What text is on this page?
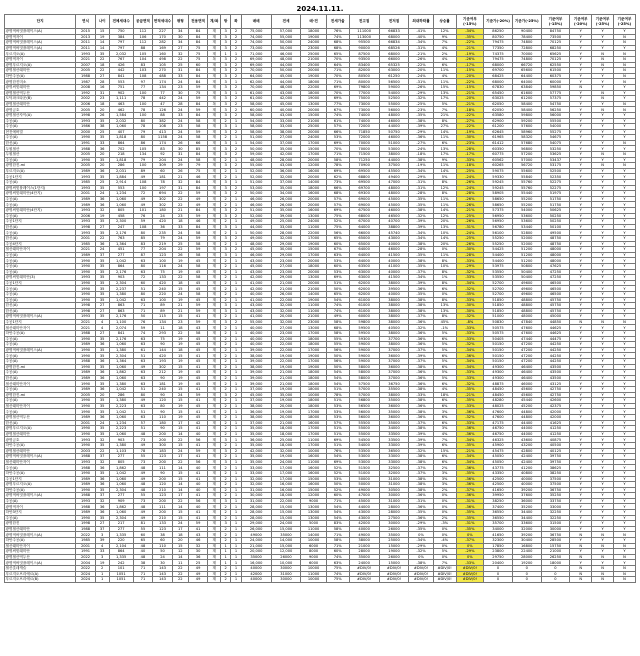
2024.11.11.
단지	연식	나이	전체세대수	공급면적	면적세대수	평형	전용면적	계/복	방	화	매매	전세	매-전	전세가율	전고점	전저점	최대하락률	상승률	기준여부(-15%)	기준가(-20%)	기준가(-25%)	기준여부(-15%)	기준여부(-20%)	기준여부(-25%)	기준여부(-25%)
광명역써밋플레이스(A)	2015	15	750	112	227	34	84	계	3	2	75,000	57,000	18000	76%	111000	66833	-41%	12%	-34%	86250	90400	84750	Y	Y	Y
광명역자이	2013	19	384	106	170	30	84	계	3	2	74,000	55,000	19000	74%	113000	68000	-40%	9%	-35%	80750	78400	73500	Y	Y	N
광명역써밋플레이스(A)	2011	14	797	112	282	34	84	계	3	2	74,000	50,000	24000	68%	95500	66834	-34%	7%	-22%	79475	74800	70125	Y	Y	N
광명역써밋플레이스(A)	2011	14	797	88	169	27	75	계	3	2	73,000	50,000	23000	68%	90000	68526	-31%	4%	-21%	77350	72800	68250	Y	Y	Y
푸르지오(A)	1993	35	2,032	105	160	32	75	계	1	1	71,000	46,000	25000	65%	87500	68000	-21%	2%	-19%	74375	70000	65625	Y	N	N
광명역자이	2021	22	767	104	498	22	75	복	3	2	69,000	48,000	21000	70%	93500	66000	-26%	4%	-26%	79475	74800	70125	Y	N	N
광명푸르지오(A)	2007	18	426	83	105	25	60	계	3	2	69,000	44,000	25000	64%	83400	65325	-22%	6%	-17%	68000	66720	62550	Y	N	N
광명철산래미안	2005	22	442	103	270	31	84	계	3	2	70,000	50,000	20000	71%	82000	63000	-20%	11%	-15%	69700	65600	61500	Y	Y	N
하안주공(A)	1988	27	841	108	488	33	84	계	3	2	64,000	45,000	19000	70%	80500	61250	-24%	4%	-20%	68425	64400	60375	Y	Y	N
광명한진미소	1987	28	553	97	174	24	84	계	3	1	62,000	44,000	18000	71%	80000	56500	-31%	11%	-22%	68000	64000	60000	Y	Y	N
광명써밋래미안	2008	16	751	77	134	23	59	계	3	2	70,000	48,000	22000	69%	79800	59000	-26%	15%	-15%	67830	63840	59850	N	Y	Y
광명철산역두산	1992	31	902	100	77	30	75	계	3	1	61,000	43,000	18000	70%	77000	54000	-29%	13%	-21%	65450	61600	57775	Y	N	Y
도덕파크타운(B)	2002	23	1,111	78	442	24	59	계	3	2	61,000	42,000	19000	69%	75000	52500	-32%	17%	-20%	63025	61200	57375	Y	N	Y
광명철산래미안	2006	18	463	100	47	28	84	복	3	2	58,000	45,000	13000	77%	73000	55000	-25%	5%	-21%	62050	58400	54750	Y	Y	N
광명금호	2005	20	462	78	126	24	59	계	3	2	60,000	40,000	20000	67%	73000	56000	-23%	7%	-18%	62050	58400	56250	Y	N	N
광명철산자이(A)	1998	26	1,584	100	88	33	84	계	3	2	58,000	43,000	15000	74%	74000	48000	-35%	21%	-22%	63580	59800	56000	Y	Y	Y
주공(A)	1993	35	2,032	80	382	24	58	계	2	1	54,000	33,000	21000	61%	74000	46000	-38%	8%	-27%	62900	59200	55500	Y	Y	Y
주공(A)	1986	38	1,060	78	108	23	58	계	3	1	58,000	33,000	25000	57%	72000	44000	-39%	27%	-22%	61200	57600	54000	Y	Y	Y
현진에버빌	2000	25	407	79	413	24	59	계	3	2	58,000	38,000	20000	66%	71850	50750	-29%	14%	-19%	62645	58960	55275	Y	Y	Y
주공(A)	1990	35	1,818	80	1158	24	58	계	2	1	51,000	27,000	24000	53%	72000	46000	-36%	11%	-30%	61965	58320	54675	Y	Y	Y
한신(A)	1991	33	864	86	174	26	66	계	3	1	54,000	37,000	17000	69%	70000	51000	-27%	6%	-23%	61412	57680	54075	Y	Y	N
두원철산	1988	36	702	105	83	30	85	계	3	2	50,000	35,000	15000	70%	70000	53000	-24%	13%	-28%	60350	56800	53250	Y	Y	Y
두원철산	2005	20	218	134	92	31	84	계	3	2	59,000	42,000	17000	71%	71500	38000	-18%	17%	-17%	60775	57200	53625	Y	N	N
주공(A)	1990	35	1,818	79	204	24	58	계	2	1	48,000	28,000	20000	58%	71250	44000	-38%	9%	-33%	60562	57000	53437	Y	Y	Y
광명한진-mi	2005	20	286	100	309	29	79	계	3	2	55,000	43,000	12000	78%	70900	37500	-19%	11%	-18%	60265	56720	53175	Y	N	N
푸르지오(A)	1989	36	2,031	89	60	26	75	계	2	1	52,000	36,000	16000	69%	69500	45500	-34%	14%	-25%	59075	55600	52500	Y	Y	Y
주공1단지	1993	35	1,884	49	181	21	46	계	2	1	52,000	32,000	20000	62%	68800	49400	-29%	5%	-24%	59330	55840	52350	Y	Y	Y
주공(A)	1985	25	2,914	108	78	32	84	계	3	1	51,000	37,000	14000	73%	69500	47000	-31%	8%	-26%	59245	55760	52275	Y	Y	Y
광명써밋플레이스(1단지)	1993	35	553	100	197	31	84	계	3	2	53,000	35,000	18000	66%	69700	48000	-31%	12%	-24%	59245	55760	52275	Y	Y	Y
광명써밋래미안(4단지)	2001	24	1,234	72	694	22	59	계	3	2	50,000	34,000	16000	68%	69300	48000	-28%	8%	-28%	58905	55440	51975	Y	Y	Y
주공(A)	1989	36	1,060	49	302	22	49	계	2	1	46,000	26,000	20000	57%	69000	45000	-35%	11%	-26%	58650	55200	51750	Y	Y	Y
주공(A)	1989	36	1,060	49	302	22	49	계	2	1	46,000	26,000	20000	57%	69000	45000	-35%	11%	-26%	58650	55200	51750	Y	Y	Y
광명써밋래미안(4단지)	1993	32	805	101	180	21	84	계	3	2	51,000	35,000	16000	69%	67500	46000	-38%	14%	-21%	57375	54000	50625	Y	Y	Y
주공(A)	2006	19	458	76	24	23	59	계	3	2	52,000	39,000	13000	75%	68000	46500	-32%	12%	-25%	56950	53600	50250	Y	Y	Y
주공1단지	1993	35	2,300	59	420	18	46	계	2	1	49,000	25,000	24000	52%	67000	40700	-39%	20%	-26%	56950	53600	50250	Y	Y	Y
한신(A)	1998	27	247	108	36	33	84	계	3	1	44,000	33,000	11000	75%	64000	38800	-39%	13%	-31%	56780	53440	50100	Y	Y	Y
주공(A)	1993	35	2,176	80	235	24	58	계	2	1	50,000	28,000	22000	56%	66000	45740	-34%	10%	-24%	56100	52800	49500	Y	Y	Y
한신(A)	2001	22	763	85	79	24	59	계	3	2	49,000	32,000	17000	65%	65000	43000	-34%	14%	-25%	55250	52000	48750	Y	Y	Y
주공4단지	1985	36	1,364	83	219	25	58	계	2	1	48,000	29,000	19000	60%	65000	40000	-38%	20%	-26%	55250	52000	48750	Y	Y	Y
철산래미안자이	2021	24	451	77	204	22	59	계	3	2	45,000	30,000	15000	67%	64000	46000	-28%	0%	-30%	54425	51200	48000	Y	Y	Y
주공(A)	1989	37	277	87	123	26	58	계	3	1	46,000	29,000	17000	63%	64000	41500	-35%	11%	-28%	54400	51200	48000	Y	Y	Y
주공(A)	1990	35	1,042	63	100	19	45	계	2	1	43,000	23,000	20000	53%	64000	40000	-38%	8%	-33%	54400	51200	48000	Y	Y	Y
주공(A)	1990	35	864	80	116	24	58	계	2	1	45,000	27,000	18000	60%	63500	41000	-35%	10%	-29%	53975	50800	47625	Y	Y	Y
주공(A)	1990	35	2,176	63	75	19	45	계	2	1	43,000	23,000	20000	53%	63000	40000	-37%	8%	-32%	53550	50400	47250	Y	Y	Y
광명써밋래미안(3)	1993	35	903	72	133	22	58	계	2	1	42,000	29,000	13000	69%	63000	41500	-34%	1%	-33%	53550	50400	47250	Y	Y	Y
주공1단지	1990	35	2,304	60	420	18	45	계	2	1	41,000	21,000	20000	51%	62000	38000	-39%	8%	-34%	52700	49600	46500	Y	Y	Y
주공(A)	1990	35	2,237	51	240	15	45	계	2	1	42,000	21,000	21000	50%	62000	39500	-36%	6%	-32%	52700	49600	46500	Y	Y	Y
주공(A)	1990	35	1,380	80	220	24	58	계	2	1	40,000	26,000	14000	65%	62000	40000	-35%	0%	-35%	52700	49600	46500	Y	Y	Y
주공(A)	1990	35	1,042	63	100	19	45	계	2	1	41,000	22,000	19000	54%	61000	38000	-38%	8%	-33%	51850	48800	45750	Y	Y	Y
한신(A)	1998	27	863	71	89	21	59	계	3	1	43,000	32,000	11000	74%	61000	38000	-38%	13%	-30%	51850	48800	45750	Y	Y	Y
한신(A)	1998	27	863	71	89	21	59	계	3	1	43,000	32,000	11000	74%	61000	38000	-38%	13%	-30%	51850	48800	45750	Y	Y	Y
광명역써밋플레이스(A)	1993	35	2,176	50	115	15	41	계	2	1	41,000	20,000	21000	49%	60000	38000	-37%	8%	-32%	51000	48000	45000	Y	Y	Y
주공1단지	2021	4	1,100	76	134	23	59	계	3	2	55,000	32,000	23000	58%	59800	38000	-36%	45%	-8%	50830	47840	44850	N	N	N
철산래미안자이	2021	4	2,074	59	11	18	43	계	2	1	40,000	27,000	13000	68%	59500	40500	-32%	-1%	-33%	50575	47600	44625	Y	Y	Y
하안주공(A)	1988	27	841	74	293	22	58	계	2	1	40,000	23,000	17000	58%	59500	38000	-36%	5%	-33%	50575	47600	44625	Y	Y	Y
주공(A)	1990	35	2,176	63	75	19	45	계	2	1	40,000	22,000	18000	55%	59300	37700	-36%	6%	-33%	50405	47440	44475	Y	Y	Y
주공(A)	1989	36	1,060	63	90	19	45	계	2	1	40,000	22,000	18000	55%	59000	38000	-36%	5%	-32%	50150	47200	44250	Y	Y	Y
광명역써밋플레이스(A)	1990	35	1,380	61	144	18	45	계	2	1	39,000	22,000	17000	56%	59000	37000	-37%	5%	-34%	50150	47200	44250	Y	Y	Y
주공(A)	1990	35	2,304	51	420	15	41	계	2	1	38,000	19,000	19000	50%	59000	36000	-39%	6%	-36%	50150	47200	44250	Y	Y	Y
주공(A)	1988	36	1,364	63	193	19	45	계	2	1	39,000	22,000	17000	56%	59000	37000	-37%	5%	-34%	50150	47200	44250	Y	Y	Y
광명한진-mi	1990	35	1,060	49	302	15	41	계	2	1	38,000	19,000	19000	50%	58000	36000	-38%	6%	-34%	49300	46400	43500	Y	Y	Y
주공(A)	1989	36	1,862	63	212	19	45	계	2	1	39,000	21,000	18000	54%	58000	37000	-36%	5%	-33%	49300	46400	43500	Y	Y	Y
한신(A)	1989	36	1,060	63	90	19	45	계	2	1	39,000	21,000	18000	54%	58000	37000	-36%	5%	-33%	49300	46400	43500	Y	Y	Y
철산래미안자이	1990	35	1,380	63	181	19	45	계	2	1	39,000	21,000	18000	54%	57500	36750	-36%	6%	-32%	48875	46000	43125	Y	Y	Y
주공(A)	1989	36	1,042	51	240	15	41	계	2	1	37,000	19,000	18000	51%	57000	35500	-38%	4%	-35%	48450	45600	42750	Y	Y	Y
광명한진-mi	2005	20	286	80	90	24	59	계	3	2	45,000	35,000	10000	78%	57000	38000	-33%	18%	-21%	48450	45600	42750	Y	Y	Y
주공(A)	1990	35	1,380	49	120	15	41	계	2	1	37,000	19,000	18000	51%	56800	35000	-38%	6%	-35%	48280	45440	42600	Y	Y	Y
철산래미안자이	1990	35	2,223	63	80	19	45	계	2	1	38,000	20,000	18000	53%	56500	36000	-36%	6%	-33%	48025	45200	42375	Y	Y	Y
주공(A)	1990	35	1,042	51	90	15	41	계	2	1	36,000	19,000	17000	53%	56000	35000	-38%	3%	-36%	47600	44800	42000	Y	Y	Y
광명철산역두산	1989	36	1,060	63	110	19	45	계	2	1	38,000	20,000	18000	53%	56000	36000	-36%	6%	-32%	47600	44800	42000	Y	Y	Y
한신(A)	2001	24	1,234	57	180	17	42	계	2	1	37,000	21,000	16000	57%	55500	35000	-37%	6%	-33%	47175	44400	41625	Y	Y	Y
광명푸르지오(A)	1990	35	2,223	51	90	15	41	계	2	1	35,000	18,000	17000	51%	55000	34000	-38%	3%	-36%	46750	44000	41250	Y	Y	Y
광명철산래미안	1990	35	1,060	48	200	14	40	계	2	1	35,000	18,000	17000	51%	55000	33500	-39%	4%	-36%	46750	44000	41250	Y	Y	Y
광명금호	1993	32	903	73	200	22	56	계	3	1	36,000	25,000	11000	69%	54500	33500	-39%	7%	-34%	46325	43600	40875	Y	Y	Y
하안주공(A)	1990	35	1,380	49	300	15	41	계	2	1	35,000	18,000	17000	51%	54000	33000	-39%	6%	-35%	45900	43200	40500	Y	Y	Y
광명철산래미안	2003	22	1,103	78	183	24	59	계	3	2	42,000	32,000	10000	76%	53500	36500	-32%	15%	-21%	45475	42800	40125	Y	Y	Y
광명역써밋플레이스(A)	1988	37	277	55	123	17	41	계	2	1	35,000	19,000	16000	54%	53000	33000	-38%	6%	-34%	45050	42400	39750	Y	Y	Y
철산래미안자이	1993	32	805	73	200	22	56	계	3	1	35,000	24,000	11000	69%	53000	33000	-38%	6%	-34%	45050	42400	39750	Y	Y	Y
주공(A)	1988	36	1,862	48	111	14	40	계	2	1	33,000	17,000	16000	52%	51500	32500	-37%	2%	-36%	43775	41200	38625	Y	Y	Y
하안주공(A)	1990	35	1,042	49	90	15	41	계	2	1	33,000	17,000	16000	52%	51000	32000	-37%	3%	-35%	43350	40800	38250	Y	Y	Y
주공1단지	1989	36	1,060	49	200	15	41	계	2	1	32,000	17,000	15000	53%	50000	31000	-38%	3%	-36%	42500	40000	37500	Y	Y	Y
광명푸르지오(A)	1989	36	1,060	48	120	14	40	계	2	1	32,000	16,000	16000	50%	50000	31000	-38%	3%	-36%	42500	40000	37500	Y	Y	Y
하안주공(A)	1990	35	2,304	48	210	14	40	계	2	1	31,000	16,000	15000	52%	49000	30500	-38%	2%	-37%	41650	39200	36750	Y	Y	Y
광명역써밋플레이스(A)	1988	37	277	55	123	17	41	계	2	1	30,000	18,000	12000	60%	47000	30000	-36%	0%	-36%	39950	37600	35250	Y	Y	Y
주공(A)	1993	32	909	73	200	22	56	계	3	1	31,000	22,000	9000	71%	45000	31000	-31%	0%	-31%	38250	36000	33750	Y	Y	Y
광명역자이	1988	36	1,862	48	111	14	40	계	2	1	28,000	15,000	13000	54%	44000	28000	-36%	0%	-36%	37400	35200	33000	Y	Y	Y
하안3단지	1989	36	1,060	49	200	15	41	계	2	1	28,000	15,000	13000	54%	43000	28000	-35%	0%	-35%	36550	34400	32250	Y	Y	Y
주공(A)	1990	35	2,304	49	210	15	41	계	2	1	28,000	15,000	13000	54%	43000	27500	-36%	2%	-35%	36550	34400	32250	Y	Y	Y
광명한진	1998	27	217	81	133	24	59	계	3	1	29,000	24,000	5000	83%	42000	30000	-29%	-3%	-31%	35700	33600	31500	Y	Y	Y
광명철산래미안	1988	37	277	55	123	17	41	계	2	1	26,000	15,000	11000	58%	40000	26000	-35%	0%	-35%	34000	32000	30000	Y	Y	Y
광명역써밋플레이스(A)	2022	3	1,335	60	38	18	43	계	2	1	49000	35000	14000	71%	49000	35000	0%	0%	0%	41650	39200	36750	N	N	N
하안주공(A)	1985	39	220	65	60	20	46	계	2	1	24,000	14,000	10000	58%	38000	25000	-34%	-4%	-37%	32300	30400	28500	Y	Y	Y
철산래미안자이	2001	4	2,104	48	110	15	32	계	1	1	21,000	15,000	6000	71%	21000	15000	-29%	0%	0%	17850	16800	15750	N	N	N
광명써밋래미안	1991	33	864	40	50	12	30	계	1	1	20,000	12,000	8000	60%	28000	19000	-32%	5%	-29%	23800	22400	21000	Y	Y	Y
광명철산역두산	2022	3	1,335	48	24	14	36	계	1	1	35000	26000	9000	74%	35000	26000	0%	0%	0%	29750	28000	26250	N	N	N
광명역써밋플레이스(A)	2004	19	242	38	30	11	25	계	1	1	16,000	10,000	6000	63%	24000	15000	-38%	7%	-33%	20400	19200	18000	Y	Y	Y
철산롯데캐슬	2022	2	101	71	143	22	49	계	2	1	40000	30000	10000	75%	#DIV/0!	#DIV/0!	#DIV/0!	#DIV/0!	#DIV/0!	0	0	0	N	N	N
푸르지오브리에르(A)	2024	1	1051	71	143	22	49	계	2	1	42000	31000	11000	74%	#DIV/0!	#DIV/0!	#DIV/0!	#DIV/0!	#DIV/0!	0	0	0	N	N	N
푸르지오브리에르(B)	2024	1	1051	71	143	22	49	계	2	1	40000	30000	10000	75%	#DIV/0!	#DIV/0!	#DIV/0!	#DIV/0!	#DIV/0!	0	0	0	N	N	N
